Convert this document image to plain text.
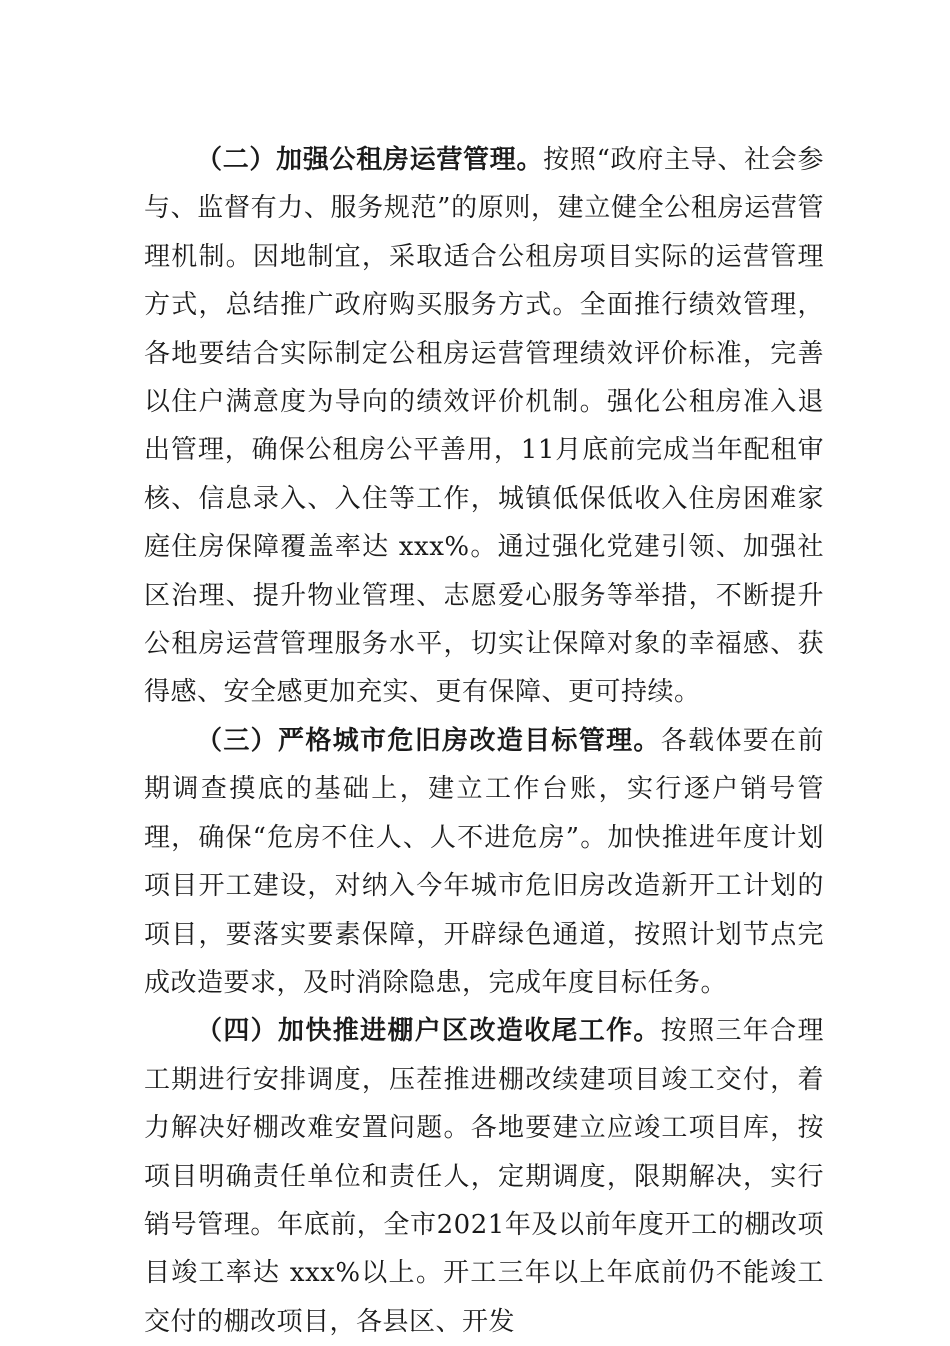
（二）加强公租房运营管理。按照“政府主导、社会参与、监督有力、服务规范”的原则，建立健全公租房运营管理机制。因地制宜，采取适合公租房项目实际的运营管理方式，总结推广政府购买服务方式。全面推行绩效管理，各地要结合实际制定公租房运营管理绩效评价标准，完善以住户满意度为导向的绩效评价机制。强化公租房准入退出管理，确保公租房公平善用，11月底前完成当年配租审核、信息录入、入住等工作，城镇低保低收入住房困难家庭住房保障覆盖率达 xxx%。通过强化党建引领、加强社区治理、提升物业管理、志愿爱心服务等举措，不断提升公租房运营管理服务水平，切实让保障对象的幸福感、获得感、安全感更加充实、更有保障、更可持续。

（三）严格城市危旧房改造目标管理。各载体要在前期调查摸底的基础上，建立工作台账，实行逐户销号管理，确保“危房不住人、人不进危房”。加快推进年度计划项目开工建设，对纳入今年城市危旧房改造新开工计划的项目，要落实要素保障，开辟绿色通道，按照计划节点完成改造要求，及时消除隐患，完成年度目标任务。

（四）加快推进棚户区改造收尾工作。按照三年合理工期进行安排调度，压茬推进棚改续建项目竣工交付，着力解决好棚改难安置问题。各地要建立应竣工项目库，按项目明确责任单位和责任人，定期调度，限期解决，实行销号管理。年底前，全市2021年及以前年度开工的棚改项目竣工率达 xxx%以上。开工三年以上年底前仍不能竣工交付的棚改项目，各县区、开发
